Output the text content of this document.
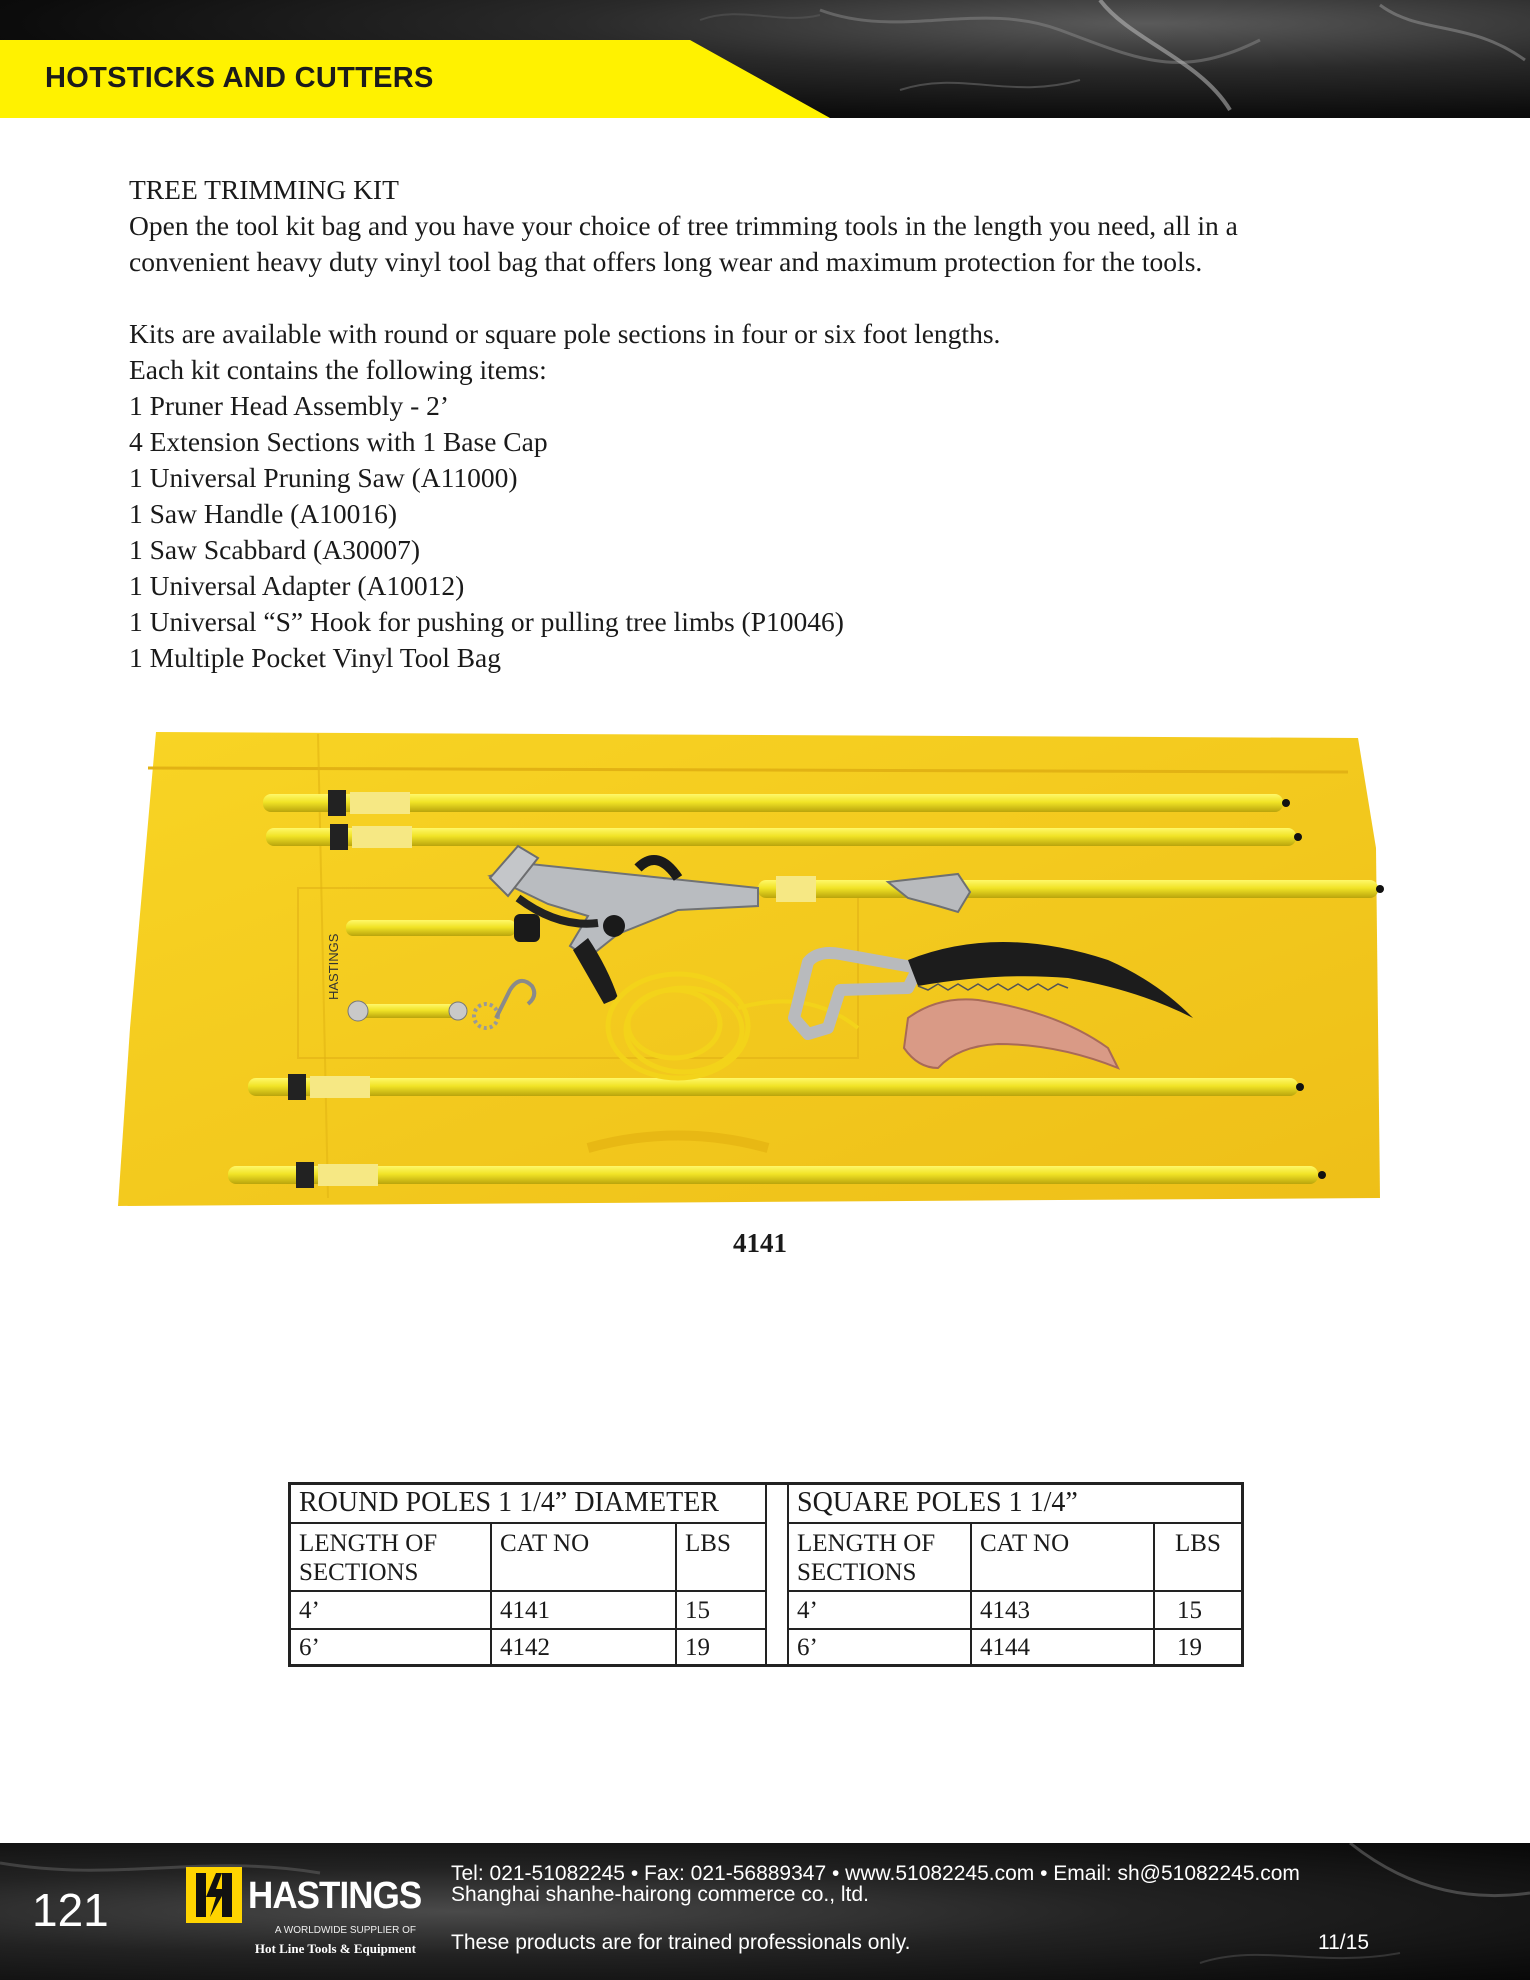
HOTSTICKS AND CUTTERS

TREE TRIMMING KIT

Open the tool kit bag and you have your choice of tree trimming tools in the length you need, all in a

convenient heavy duty vinyl tool bag that offers long wear and maximum protection for the tools.

Kits are available with round or square pole sections in four or six foot lengths.

Each kit contains the following items:

1 Pruner Head Assembly - 2’

4 Extension Sections with 1 Base Cap

1 Universal Pruning Saw (A11000)

1 Saw Handle (A10016)

1 Saw Scabbard (A30007)

1 Universal Adapter (A10012)

1 Universal “S” Hook for pushing or pulling tree limbs (P10046)

1 Multiple Pocket Vinyl Tool Bag

HASTINGS
4141
ROUND POLES 1 1/4” DIAMETER
LENGTH OF
SECTIONS
CAT NO	LBS
4’	4141	15
6’	4142	19
SQUARE POLES 1 1/4”
LENGTH OF
SECTIONS
CAT NO	LBS
4’	4143	15
6’	4144	19
121	HASTINGS
A WORLDWIDE SUPPLIER OF
Hot Line Tools & Equipment
Tel: 021-51082245 • Fax: 021-56889347 • www.51082245.com • Email: sh@51082245.com
Shanghai shanhe-hairong commerce co., ltd.
These products are for trained professionals only.	11/15
